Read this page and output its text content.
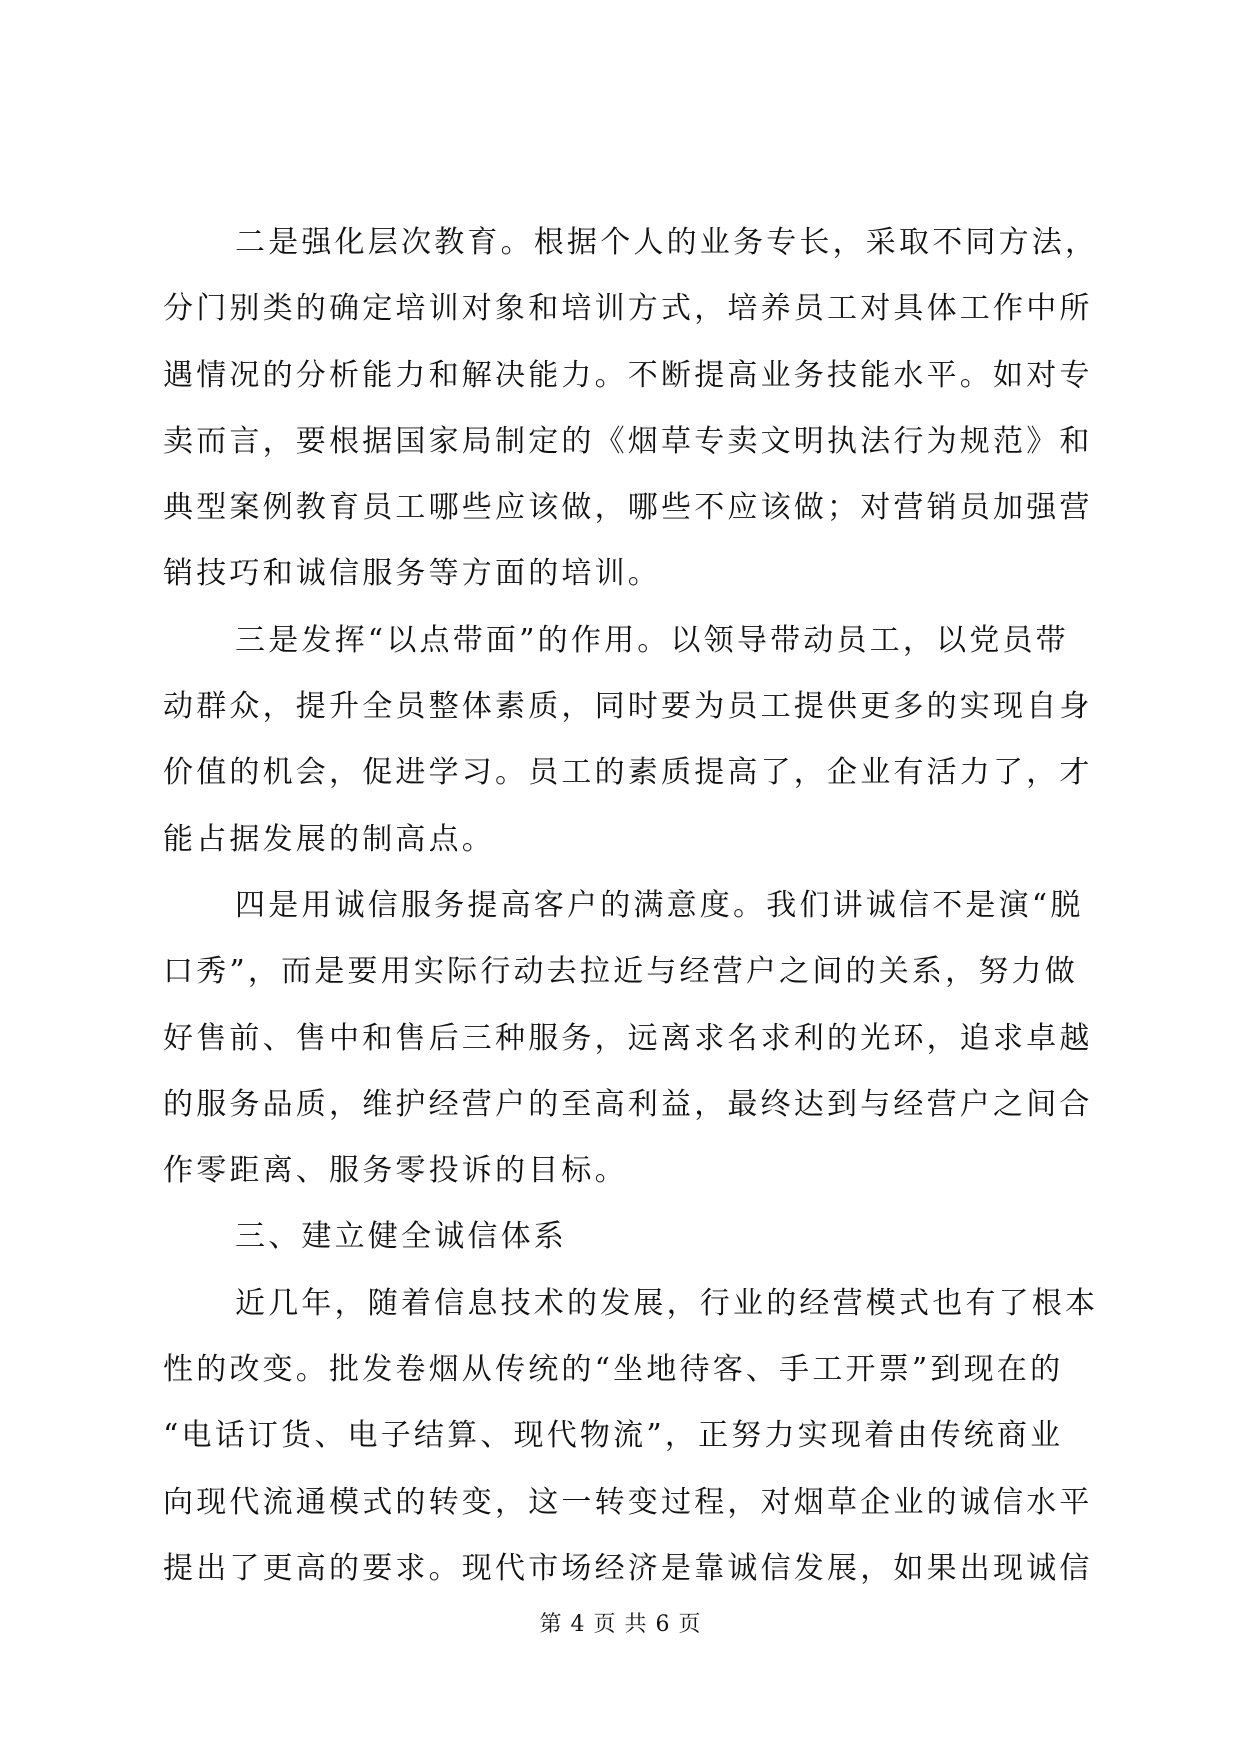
二是强化层次教育。根据个人的业务专长，采取不同方法，
分门别类的确定培训对象和培训方式，培养员工对具体工作中所
遇情况的分析能力和解决能力。不断提高业务技能水平。如对专
卖而言，要根据国家局制定的《烟草专卖文明执法行为规范》和
典型案例教育员工哪些应该做，哪些不应该做；对营销员加强营
销技巧和诚信服务等方面的培训。
三是发挥“以点带面”的作用。以领导带动员工，以党员带
动群众，提升全员整体素质，同时要为员工提供更多的实现自身
价值的机会，促进学习。员工的素质提高了，企业有活力了，才
能占据发展的制高点。
四是用诚信服务提高客户的满意度。我们讲诚信不是演“脱
口秀”，而是要用实际行动去拉近与经营户之间的关系，努力做
好售前、售中和售后三种服务，远离求名求利的光环，追求卓越
的服务品质，维护经营户的至高利益，最终达到与经营户之间合
作零距离、服务零投诉的目标。
三、建立健全诚信体系
近几年，随着信息技术的发展，行业的经营模式也有了根本
性的改变。批发卷烟从传统的“坐地待客、手工开票”到现在的
“电话订货、电子结算、现代物流”，正努力实现着由传统商业
向现代流通模式的转变，这一转变过程，对烟草企业的诚信水平
提出了更高的要求。现代市场经济是靠诚信发展，如果出现诚信
第 4 页 共 6 页
